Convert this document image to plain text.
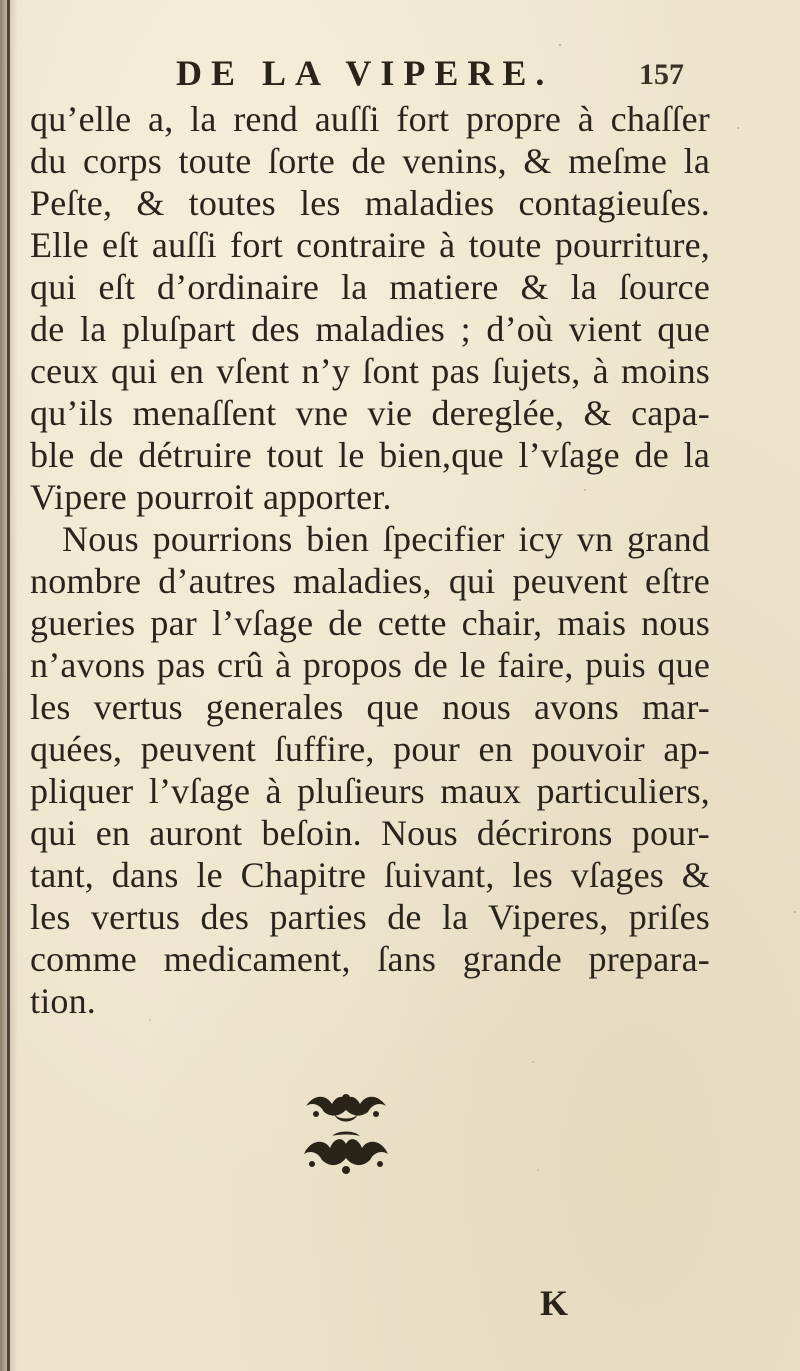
DE LA VIPERE.	157
qu’elle a, la rend auſſi fort propre à chaſſer
du corps toute ſorte de venins, & meſme la
Peſte, & toutes les maladies contagieuſes.
Elle eſt auſſi fort contraire à toute pourriture,
qui eſt d’ordinaire la matiere & la ſource
de la pluſpart des maladies ; d’où vient que
ceux qui en vſent n’y ſont pas ſujets, à moins
qu’ils menaſſent vne vie dereglée, & capa-
ble de détruire tout le bien,que l’vſage de la
Vipere pourroit apporter.
Nous pourrions bien ſpecifier icy vn grand
nombre d’autres maladies, qui peuvent eſtre
gueries par l’vſage de cette chair, mais nous
n’avons pas crû à propos de le faire, puis que
les vertus generales que nous avons mar-
quées, peuvent ſuffire, pour en pouvoir ap-
pliquer l’vſage à pluſieurs maux particuliers,
qui en auront beſoin. Nous décrirons pour-
tant, dans le Chapitre ſuivant, les vſages &
les vertus des parties de la Viperes, priſes
comme medicament, ſans grande prepara-
tion.
K
